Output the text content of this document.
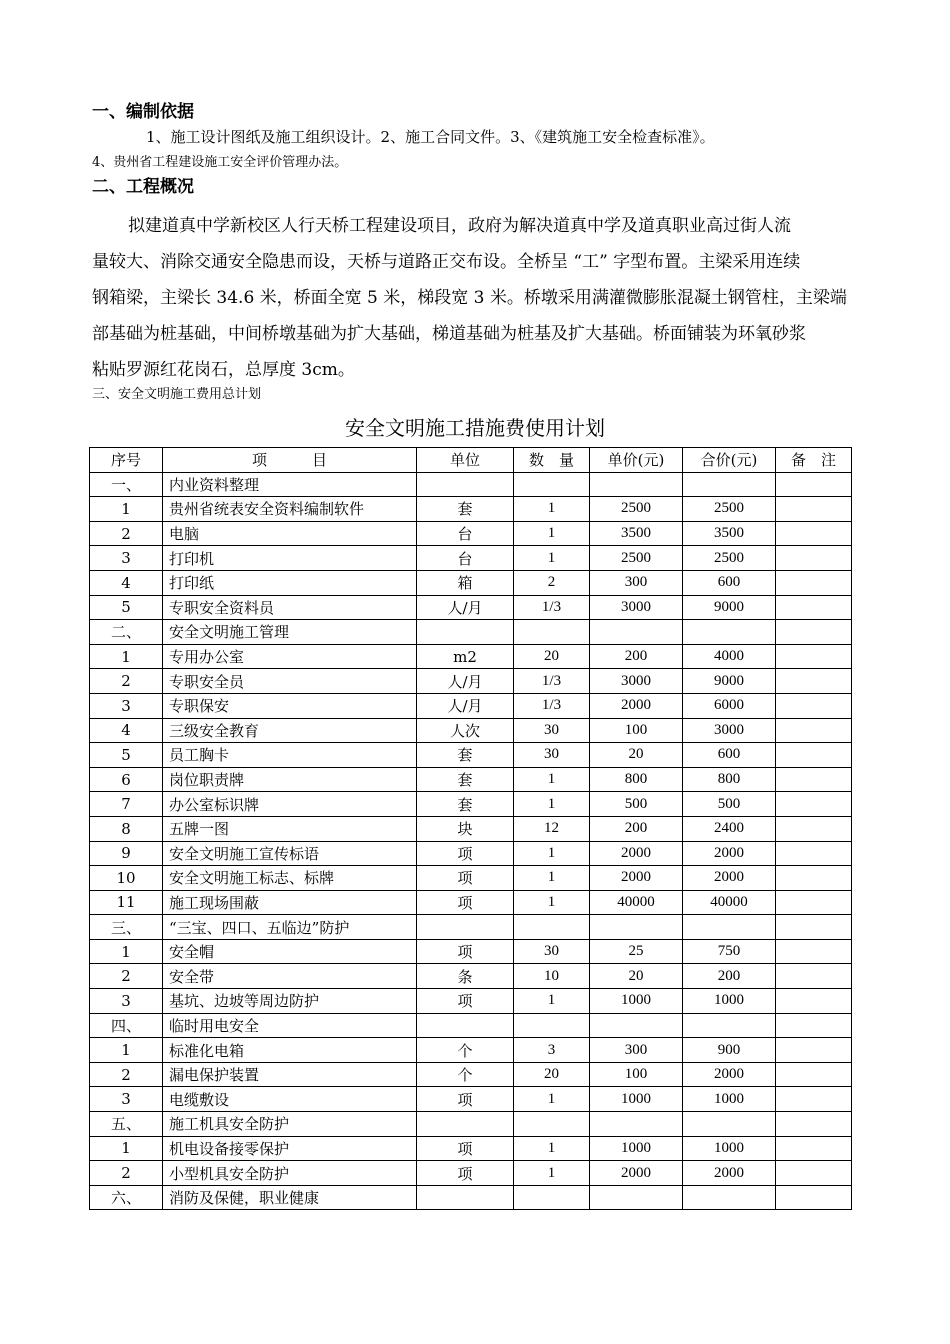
一、编制依据
1、施工设计图纸及施工组织设计。2、施工合同文件。3、《建筑施工安全检查标准》。
4、贵州省工程建设施工安全评价管理办法。
二、工程概况
拟建道真中学新校区人行天桥工程建设项目，政府为解决道真中学及道真职业高过街人流
量较大、消除交通安全隐患而设，天桥与道路正交布设。全桥呈 “工” 字型布置。主梁采用连续
钢箱梁，主梁长 34.6 米，桥面全宽 5 米，梯段宽 3 米。桥墩采用满灌微膨胀混凝土钢管柱，主梁端
部基础为桩基础，中间桥墩基础为扩大基础，梯道基础为桩基及扩大基础。桥面铺装为环氧砂浆
粘贴罗源红花岗石，总厚度 3cm。
三、安全文明施工费用总计划
安全文明施工措施费使用计划
序号	项　　　目	单位	数　量	单价(元)	合价(元)	备　注
一、	内业资料整理					
1	贵州省统表安全资料编制软件	套	1	2500	2500	
2	电脑	台	1	3500	3500	
3	打印机	台	1	2500	2500	
4	打印纸	箱	2	300	600	
5	专职安全资料员	人/月	1/3	3000	9000	
二、	安全文明施工管理					
1	专用办公室	m2	20	200	4000	
2	专职安全员	人/月	1/3	3000	9000	
3	专职保安	人/月	1/3	2000	6000	
4	三级安全教育	人次	30	100	3000	
5	员工胸卡	套	30	20	600	
6	岗位职责牌	套	1	800	800	
7	办公室标识牌	套	1	500	500	
8	五牌一图	块	12	200	2400	
9	安全文明施工宣传标语	项	1	2000	2000	
10	安全文明施工标志、标牌	项	1	2000	2000	
11	施工现场围蔽	项	1	40000	40000	
三、	“三宝、四口、五临边”防护					
1	安全帽	项	30	25	750	
2	安全带	条	10	20	200	
3	基坑、边坡等周边防护	项	1	1000	1000	
四、	临时用电安全					
1	标准化电箱	个	3	300	900	
2	漏电保护装置	个	20	100	2000	
3	电缆敷设	项	1	1000	1000	
五、	施工机具安全防护					
1	机电设备接零保护	项	1	1000	1000	
2	小型机具安全防护	项	1	2000	2000	
六、	消防及保健，职业健康					
